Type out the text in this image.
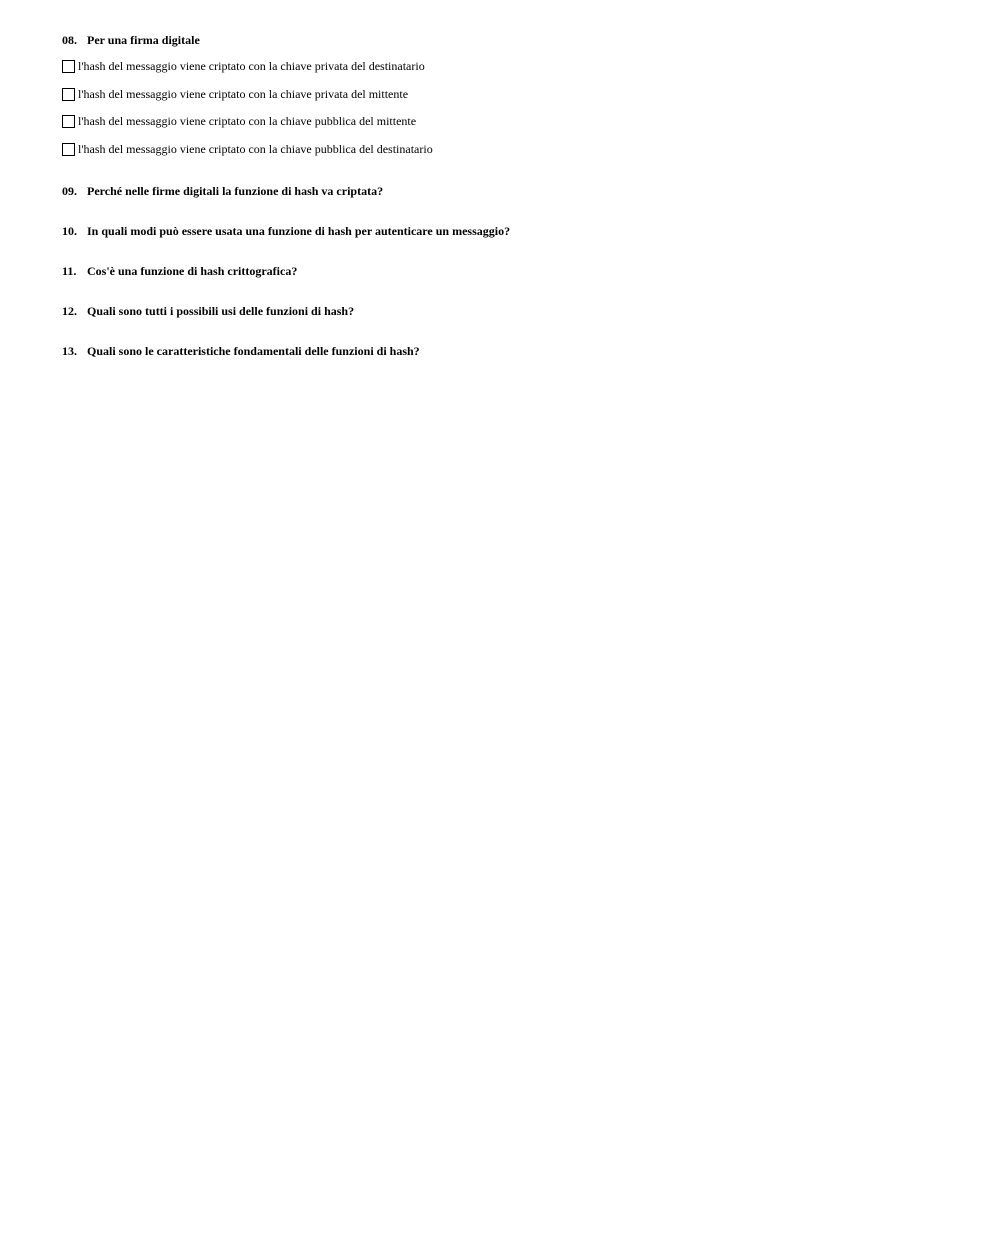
08. Per una firma digitale
l'hash del messaggio viene criptato con la chiave privata del destinatario
l'hash del messaggio viene criptato con la chiave privata del mittente
l'hash del messaggio viene criptato con la chiave pubblica del mittente
l'hash del messaggio viene criptato con la chiave pubblica del destinatario
09. Perché nelle firme digitali la funzione di hash va criptata?
10. In quali modi può essere usata una funzione di hash per autenticare un messaggio?
11. Cos'è una funzione di hash crittografica?
12. Quali sono tutti i possibili usi delle funzioni di hash?
13. Quali sono le caratteristiche fondamentali delle funzioni di hash?
